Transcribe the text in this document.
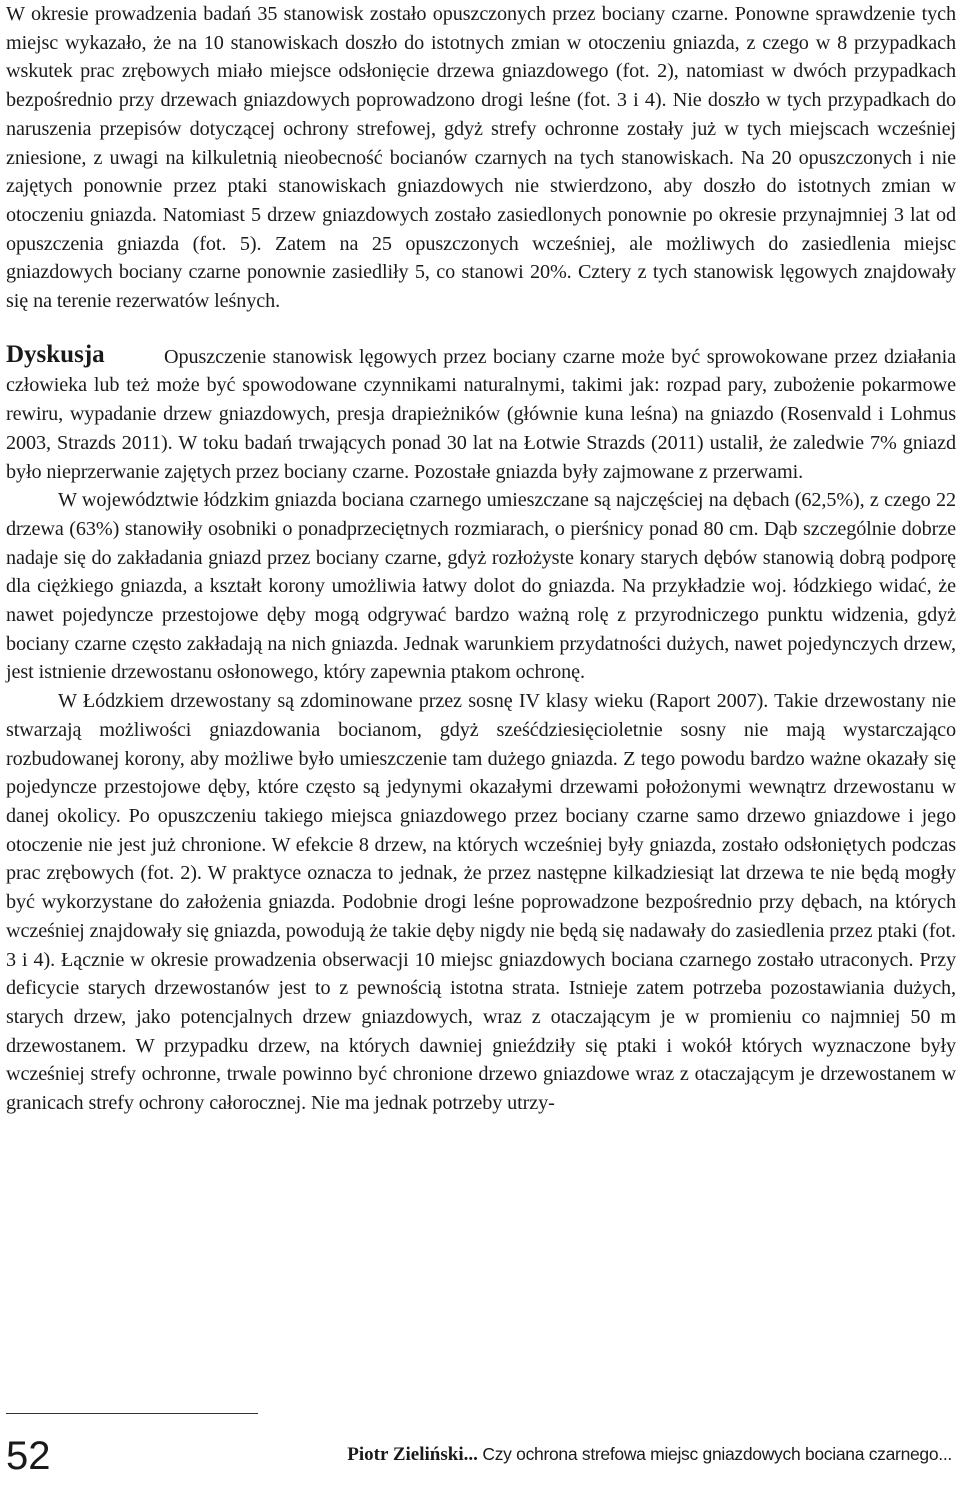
W okresie prowadzenia badań 35 stanowisk zostało opuszczonych przez bociany czarne. Ponowne sprawdzenie tych miejsc wykazało, że na 10 stanowiskach doszło do istotnych zmian w otoczeniu gniazda, z czego w 8 przypadkach wskutek prac zrębowych miało miejsce odsłonięcie drzewa gniazdowego (fot. 2), natomiast w dwóch przypadkach bezpośrednio przy drzewach gniazdowych poprowadzono drogi leśne (fot. 3 i 4). Nie doszło w tych przypadkach do naruszenia przepisów dotyczącej ochrony strefowej, gdyż strefy ochronne zostały już w tych miejscach wcześniej zniesione, z uwagi na kilkuletnią nieobecność bocianów czarnych na tych stanowiskach. Na 20 opuszczonych i nie zajętych ponownie przez ptaki stanowiskach gniazdowych nie stwierdzono, aby doszło do istotnych zmian w otoczeniu gniazda. Natomiast 5 drzew gniazdowych zostało zasiedlonych ponownie po okresie przynajmniej 3 lat od opuszczenia gniazda (fot. 5). Zatem na 25 opuszczonych wcześniej, ale możliwych do zasiedlenia miejsc gniazdowych bociany czarne ponownie zasiedliły 5, co stanowi 20%. Cztery z tych stanowisk lęgowych znajdowały się na terenie rezerwatów leśnych.

Dyskusja	Opuszczenie stanowisk lęgowych przez bociany czarne może być sprowokowane przez działania człowieka lub też może być spowodowane czynnikami naturalnymi, takimi jak: rozpad pary, zubożenie pokarmowe rewiru, wypadanie drzew gniazdowych, presja drapieżników (głównie kuna leśna) na gniazdo (Rosenvald i Lohmus 2003, Strazds 2011). W toku badań trwających ponad 30 lat na Łotwie Strazds (2011) ustalił, że zaledwie 7% gniazd było nieprzerwanie zajętych przez bociany czarne. Pozostałe gniazda były zajmowane z przerwami.

W województwie łódzkim gniazda bociana czarnego umieszczane są najczęściej na dębach (62,5%), z czego 22 drzewa (63%) stanowiły osobniki o ponadprzeciętnych rozmiarach, o pierśnicy ponad 80 cm. Dąb szczególnie dobrze nadaje się do zakładania gniazd przez bociany czarne, gdyż rozłożyste konary starych dębów stanowią dobrą podporę dla ciężkiego gniazda, a kształt korony umożliwia łatwy dolot do gniazda. Na przykładzie woj. łódzkiego widać, że nawet pojedyncze przestojowe dęby mogą odgrywać bardzo ważną rolę z przyrodniczego punktu widzenia, gdyż bociany czarne często zakładają na nich gniazda. Jednak warunkiem przydatności dużych, nawet pojedynczych drzew, jest istnienie drzewostanu osłonowego, który zapewnia ptakom ochronę.

W Łódzkiem drzewostany są zdominowane przez sosnę IV klasy wieku (Raport 2007). Takie drzewostany nie stwarzają możliwości gniazdowania bocianom, gdyż sześćdziesięcioletnie sosny nie mają wystarczająco rozbudowanej korony, aby możliwe było umieszczenie tam dużego gniazda. Z tego powodu bardzo ważne okazały się pojedyncze przestojowe dęby, które często są jedynymi okazałymi drzewami położonymi wewnątrz drzewostanu w danej okolicy. Po opuszczeniu takiego miejsca gniazdowego przez bociany czarne samo drzewo gniazdowe i jego otoczenie nie jest już chronione. W efekcie 8 drzew, na których wcześniej były gniazda, zostało odsłoniętych podczas prac zrębowych (fot. 2). W praktyce oznacza to jednak, że przez następne kilkadziesiąt lat drzewa te nie będą mogły być wykorzystane do założenia gniazda. Podobnie drogi leśne poprowadzone bezpośrednio przy dębach, na których wcześniej znajdowały się gniazda, powodują że takie dęby nigdy nie będą się nadawały do zasiedlenia przez ptaki (fot. 3 i 4). Łącznie w okresie prowadzenia obserwacji 10 miejsc gniazdowych bociana czarnego zostało utraconych. Przy deficycie starych drzewostanów jest to z pewnością istotna strata. Istnieje zatem potrzeba pozostawiania dużych, starych drzew, jako potencjalnych drzew gniazdowych, wraz z otaczającym je w promieniu co najmniej 50 m drzewostanem. W przypadku drzew, na których dawniej gnieździły się ptaki i wokół których wyznaczone były wcześniej strefy ochronne, trwale powinno być chronione drzewo gniazdowe wraz z otaczającym je drzewostanem w granicach strefy ochrony całorocznej. Nie ma jednak potrzeby utrzy-

52	Piotr Zieliński... Czy ochrona strefowa miejsc gniazdowych bociana czarnego...
